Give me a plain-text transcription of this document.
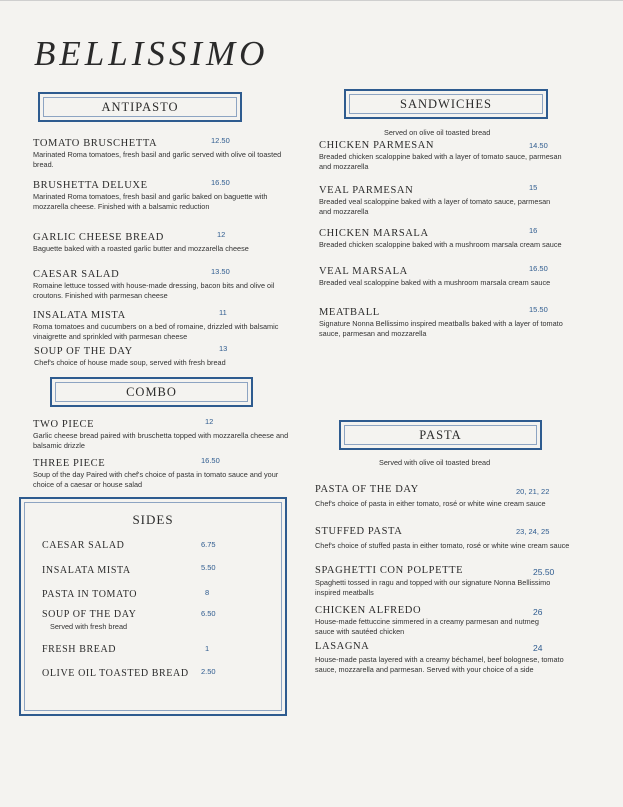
BELLISSIMO
ANTIPASTO
TOMATO BRUSCHETTA	12.50
Marinated Roma tomatoes, fresh basil and garlic served with olive oil toasted bread.
BRUSHETTA DELUXE	16.50
Marinated Roma tomatoes, fresh basil and garlic baked on baguette with mozzarella cheese. Finished with a balsamic reduction
GARLIC CHEESE BREAD	12
Baguette baked with a roasted garlic butter and mozzarella cheese
CAESAR SALAD	13.50
Romaine lettuce tossed with house-made dressing, bacon bits and olive oil croutons. Finished with parmesan cheese
INSALATA MISTA	11
Roma tomatoes and cucumbers on a bed of romaine, drizzled with balsamic vinaigrette and sprinkled with parmesan cheese
SOUP OF THE DAY	13
Chef's choice of house made soup, served with fresh bread
COMBO
TWO PIECE	12
Garlic cheese bread paired with bruschetta topped with mozzarella cheese and balsamic drizzle
THREE PIECE	16.50
Soup of the day Paired with chef's choice of pasta in tomato sauce and your choice of a caesar or house salad
SIDES
CAESAR SALAD	6.75
INSALATA MISTA	5.50
PASTA IN TOMATO	8
SOUP OF THE DAY	6.50
Served with fresh bread
FRESH BREAD	1
OLIVE OIL TOASTED BREAD 2.50
SANDWICHES
Served on olive oil toasted bread
CHICKEN PARMESAN	14.50
Breaded chicken scaloppine baked with a layer of tomato sauce, parmesan and mozzarella
VEAL PARMESAN	15
Breaded veal scaloppine baked with a layer of tomato sauce, parmesan and mozzarella
CHICKEN MARSALA	16
Breaded chicken scaloppine baked with a mushroom marsala cream sauce
VEAL MARSALA	16.50
Breaded veal scaloppine baked with a mushroom marsala cream sauce
MEATBALL	15.50
Signature Nonna Bellissimo inspired meatballs baked with a layer of tomato sauce, parmesan and mozzarella
PASTA
Served with olive oil toasted bread
PASTA OF THE DAY	20, 21, 22
Chef's choice of pasta in either tomato, rosé or white wine cream sauce
STUFFED PASTA	23, 24, 25
Chef's choice of stuffed pasta in either tomato, rosé or white wine cream sauce
SPAGHETTI CON POLPETTE	25.50
Spaghetti tossed in ragu and topped with our signature Nonna Bellissimo inspired meatballs
CHICKEN ALFREDO	26
House-made fettuccine simmered in a creamy parmesan and nutmeg sauce with sautéed chicken
LASAGNA	24
House-made pasta layered with a creamy béchamel, beef bolognese, tomato sauce, mozzarella and parmesan. Served with your choice of a side
